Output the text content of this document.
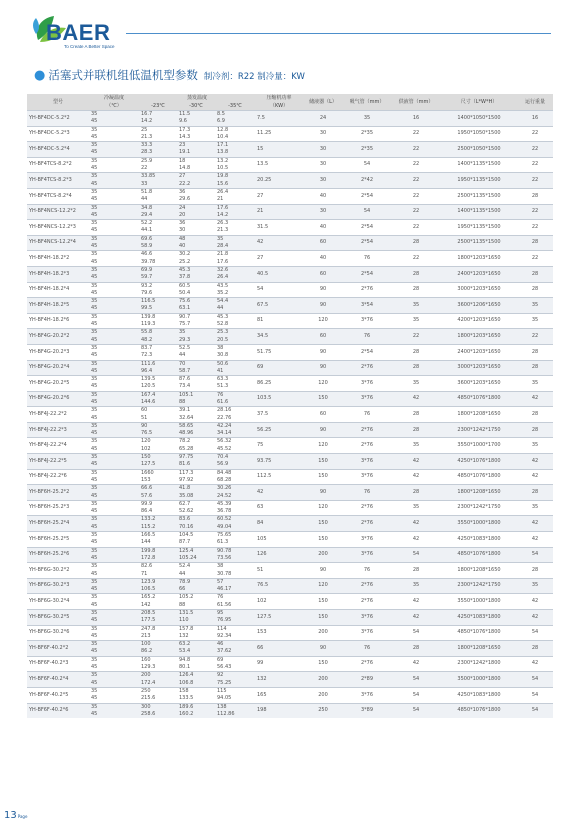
BAER
To Create A Better Space
● 活塞式并联机组低温机型参数 制冷剂：R22 制冷量：KW
型号	冷凝温度	蒸发温度			压缩机功率	储液器（L）	吸气管（mm）	供液管（mm）	尺寸（L*W*H）	运行重量
	（℃）	-23℃	-30℃	-35℃	（KW）					
YH-BF4DC-5.2*2	35	16.7	11.5	8.5	7.5	24	35	16	1400*1050*1500	16
	45	14.2	9.6	6.9						
YH-BF4DC-5.2*3	35	25	17.3	12.8	11.25	30	2*35	22	1950*1050*1500	22
	45	21.3	14.3	10.4						
YH-BF4DC-5.2*4	35	33.3	23	17.1	15	30	2*35	22	2500*1050*1500	22
	45	28.3	19.1	13.8						
YH-BF4TCS-8.2*2	35	25.9	18	13.2	13.5	30	54	22	1400*1135*1500	22
	45	22	14.8	10.5						
YH-BF4TCS-8.2*3	35	33.85	27	19.8	20.25	30	2*42	22	1950*1135*1500	22
	45	33	22.2	15.6						
YH-BF4TCS-8.2*4	35	51.8	36	26.4	27	40	2*54	22	2500*1135*1500	28
	45	44	29.6	21						
YH-BF4NCS-12.2*2	35	34.8	24	17.6	21	30	54	22	1400*1135*1500	22
	45	29.4	20	14.2						
YH-BF4NCS-12.2*3	35	52.2	36	26.3	31.5	40	2*54	22	1950*1135*1500	22
	45	44.1	30	21.3						
YH-BF4NCS-12.2*4	35	69.6	48	35	42	60	2*54	28	2500*1135*1500	28
	45	58.9	40	28.4						
YH-BF4H-18.2*2	35	46.6	30.2	21.8	27	40	76	22	1800*1203*1650	22
	45	39.78	25.2	17.6						
YH-BF4H-18.2*3	35	69.9	45.3	32.6	40.5	60	2*54	28	2400*1203*1650	28
	45	59.7	37.8	26.4						
YH-BF4H-18.2*4	35	93.2	60.5	43.5	54	90	2*76	28	3000*1203*1650	28
	45	79.6	50.4	35.2						
YH-BF4H-18.2*5	35	116.5	75.6	54.4	67.5	90	3*54	35	3600*1206*1650	35
	45	99.5	63.1	44						
YH-BF4H-18.2*6	35	139.8	90.7	45.3	81	120	3*76	35	4200*1203*1650	35
	45	119.3	75.7	52.8						
YH-BF4G-20.2*2	35	55.8	35	25.3	34.5	60	76	22	1800*1203*1650	22
	45	48.2	29.3	20.5						
YH-BF4G-20.2*3	35	83.7	52.5	38	51.75	90	2*54	28	2400*1203*1650	28
	45	72.3	44	30.8						
YH-BF4G-20.2*4	35	111.6	70	50.6	69	90	2*76	28	3000*1203*1650	28
	45	96.4	58.7	41						
YH-BF4G-20.2*5	35	139.5	87.6	63.3	86.25	120	3*76	35	3600*1203*1650	35
	45	120.5	73.4	51.3						
YH-BF4G-20.2*6	35	167.4	105.1	76	103.5	150	3*76	42	4850*1076*1800	42
	45	144.6	88	61.6						
YH-BF4J-22.2*2	35	60	39.1	28.16	37.5	60	76	28	1800*1208*1650	28
	45	51	32.64	22.76						
YH-BF4J-22.2*3	35	90	58.65	42.24	56.25	90	2*76	28	2300*1242*1750	28
	45	76.5	48.96	34.14						
YH-BF4J-22.2*4	35	120	78.2	56.32	75	120	2*76	35	3550*1000*1700	35
	45	102	65.28	45.52						
YH-BF4J-22.2*5	35	150	97.75	70.4	93.75	150	3*76	42	4250*1076*1800	42
	45	127.5	81.6	56.9						
YH-BF4J-22.2*6	35	1660	117.3	84.48	112.5	150	3*76	42	4850*1076*1800	42
	45	153	97.92	68.28						
YH-BF6H-25.2*2	35	66.6	41.8	30.26	42	90	76	28	1800*1208*1650	28
	45	57.6	35.08	24.52						
YH-BF6H-25.2*3	35	99.9	62.7	45.39	63	120	2*76	35	2300*1242*1750	35
	45	86.4	52.62	36.78						
YH-BF6H-25.2*4	35	133.2	83.6	60.52	84	150	2*76	42	3550*1000*1800	42
	45	115.2	70.16	49.04						
YH-BF6H-25.2*5	35	166.5	104.5	75.65	105	150	3*76	42	4250*1083*1800	42
	45	144	87.7	61.3						
YH-BF6H-25.2*6	35	199.8	125.4	90.78	126	200	3*76	54	4850*1076*1800	54
	45	172.8	105.24	73.56						
YH-BF6G-30.2*2	35	82.6	52.4	38	51	90	76	28	1800*1208*1650	28
	45	71	44	30.78						
YH-BF6G-30.2*3	35	123.9	78.9	57	76.5	120	2*76	35	2300*1242*1750	35
	45	106.5	66	46.17						
YH-BF6G-30.2*4	35	165.2	105.2	76	102	150	2*76	42	3550*1000*1800	42
	45	142	88	61.56						
YH-BF6G-30.2*5	35	208.5	131.5	95	127.5	150	3*76	42	4250*1083*1800	42
	45	177.5	110	76.95						
YH-BF6G-30.2*6	35	247.8	157.8	114	153	200	3*76	54	4850*1076*1800	54
	45	213	132	92.34						
YH-BF6F-40.2*2	35	100	63.2	46	66	90	76	28	1800*1208*1650	28
	45	86.2	53.4	37.62						
YH-BF6F-40.2*3	35	160	94.8	69	99	150	2*76	42	2300*1242*1800	42
	45	129.3	80.1	56.43						
YH-BF6F-40.2*4	35	200	126.4	92	132	200	2*89	54	3500*1000*1800	54
	45	172.4	106.8	75.25						
YH-BF6F-40.2*5	35	250	158	115	165	200	3*76	54	4250*1083*1800	54
	45	215.6	133.5	94.05						
YH-BF6F-40.2*6	35	300	189.6	138	198	250	3*89	54	4850*1076*1800	54
	45	258.6	160.2	112.86						
13Page
